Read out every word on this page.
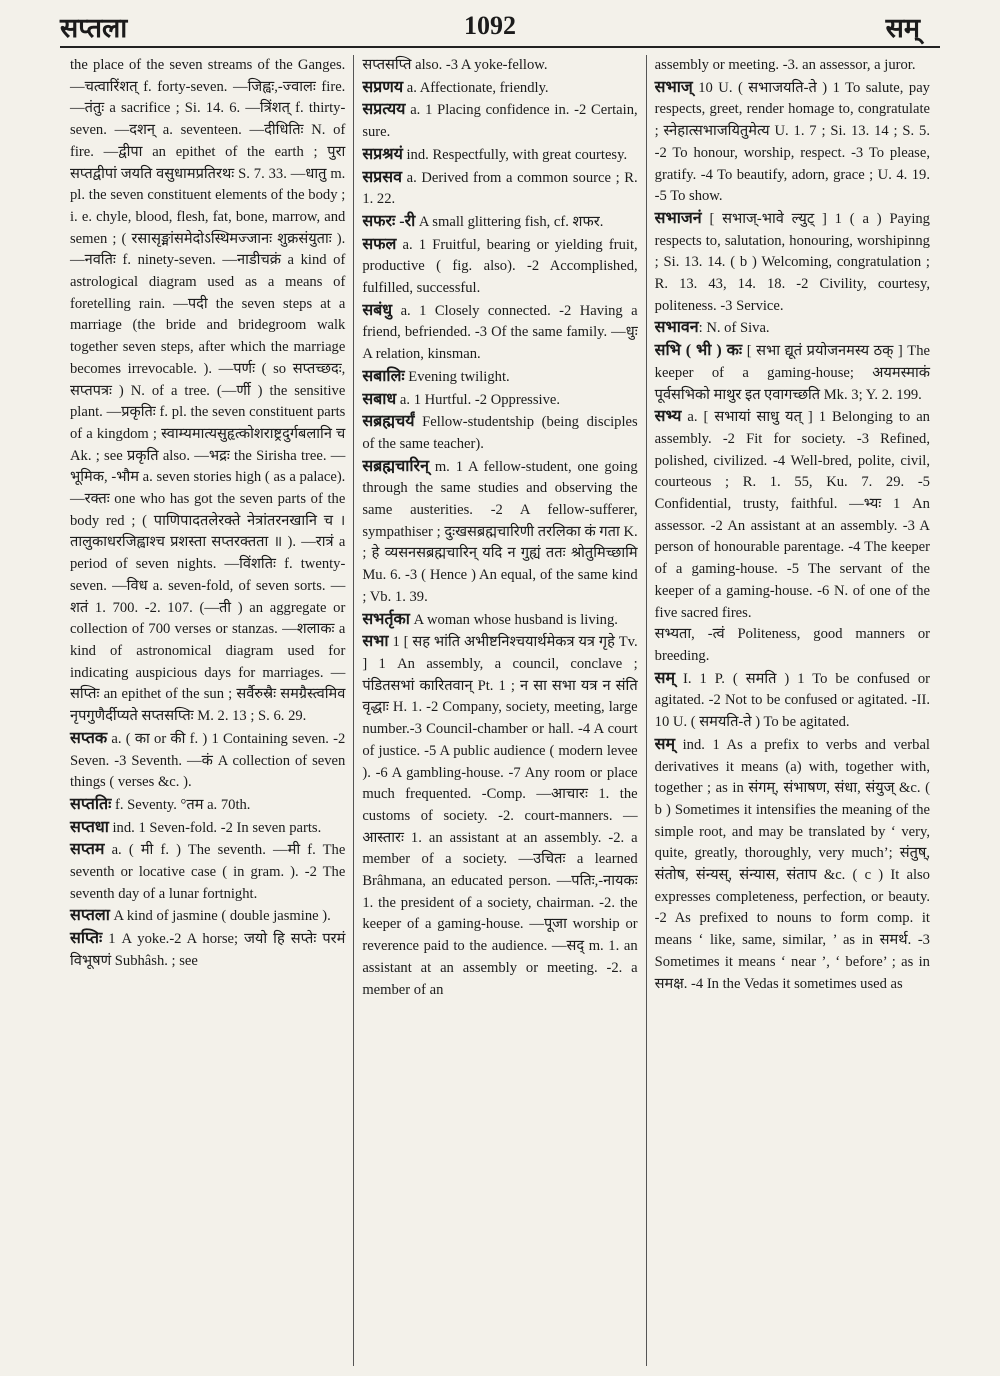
सप्तला	1092	सम्

the place of the seven streams of the Ganges. —चत्वारिंशत् f. forty-seven. —जिह्वः,-ज्वालः fire. —तंतुः a sacrifice ; Si. 14. 6. —त्रिंशत् f. thirty-seven. —दशन् a. seventeen. —दीधितिः N. of fire. —द्वीपा an epithet of the earth ; पुरा सप्तद्वीपां जयति वसुधामप्रतिरथः S. 7. 33. —धातु m. pl. the seven constituent elements of the body ; i. e. chyle, blood, flesh, fat, bone, marrow, and semen ; ( रसासृङ्मांसमेदोऽस्थिमज्जानः शुक्रसंयुताः ). —नवतिः f. ninety-seven. —नाडीचक्रं a kind of astrological diagram used as a means of foretelling rain. —पदी the seven steps at a marriage (the bride and bridegroom walk together seven steps, after which the marriage becomes irrevocable. ). —पर्णः ( so सप्तच्छदः, सप्तपत्रः ) N. of a tree. (—र्णी ) the sensitive plant. —प्रकृतिः f. pl. the seven constituent parts of a kingdom ; स्वाम्यमात्यसुहृत्कोशराष्ट्रदुर्गबलानि च Ak. ; see प्रकृति also. —भद्रः the Sirisha tree. —भूमिक, -भौम a. seven stories high ( as a palace). —रक्तः one who has got the seven parts of the body red ; ( पाणिपादतलेरक्ते नेत्रांतरनखानि च । तालुकाधरजिह्वाश्च प्रशस्ता सप्तरक्तता ॥ ). —रात्रं a period of seven nights. —विंशतिः f. twenty-seven. —विध a. seven-fold, of seven sorts. —शतं 1. 700. -2. 107. (—ती ) an aggregate or collection of 700 verses or stanzas. —शलाकः a kind of astronomical diagram used for indicating auspicious days for marriages. —सप्तिः an epithet of the sun ; सर्वैरुस्रैः समग्रैस्त्वमिव नृपगुणैर्दीप्यते सप्तसप्तिः M. 2. 13 ; S. 6. 29.

सप्तक a. ( का or की f. ) 1 Containing seven. -2 Seven. -3 Seventh. —कं A collection of seven things ( verses &c. ).

सप्ततिः f. Seventy. °तम a. 70th.

सप्तधा ind. 1 Seven-fold. -2 In seven parts.

सप्तम a. ( मी f. ) The seventh. —मी f. The seventh or locative case ( in gram. ). -2 The seventh day of a lunar fortnight.

सप्तला A kind of jasmine ( double jasmine ).

सप्तिः 1 A yoke.-2 A horse; जयो हि सप्तेः परमं विभूषणं Subhâsh. ; see

सप्तसप्ति also. -3 A yoke-fellow.

सप्रणय a. Affectionate, friendly.

सप्रत्यय a. 1 Placing confidence in. -2 Certain, sure.

सप्रश्रयं ind. Respectfully, with great courtesy.

सप्रसव a. Derived from a common source ; R. 1. 22.

सफरः -री A small glittering fish, cf. शफर.

सफल a. 1 Fruitful, bearing or yielding fruit, productive ( fig. also). -2 Accomplished, fulfilled, successful.

सबंधु a. 1 Closely connected. -2 Having a friend, befriended. -3 Of the same family. —धुः A relation, kinsman.

सबालिः Evening twilight.

सबाध a. 1 Hurtful. -2 Oppressive.

सब्रह्मचर्यं Fellow-studentship (being disciples of the same teacher).

सब्रह्मचारिन् m. 1 A fellow-student, one going through the same studies and observing the same austerities. -2 A fellow-sufferer, sympathiser ; दुःखसब्रह्मचारिणी तरलिका कं गता K. ; हे व्यसनसब्रह्मचारिन् यदि न गुह्यं ततः श्रोतुमिच्छामि Mu. 6. -3 ( Hence ) An equal, of the same kind ; Vb. 1. 39.

सभर्तृका A woman whose husband is living.

सभा 1 [ सह भांति अभीष्टनिश्चयार्थमेकत्र यत्र गृहे Tv. ] 1 An assembly, a council, conclave ; पंडितसभां कारितवान् Pt. 1 ; न सा सभा यत्र न संति वृद्धाः H. 1. -2 Company, society, meeting, large number.-3 Council-chamber or hall. -4 A court of justice. -5 A public audience ( modern levee ). -6 A gambling-house. -7 Any room or place much frequented. -Comp. —आचारः 1. the customs of society. -2. court-manners. —आस्तारः 1. an assistant at an assembly. -2. a member of a society. —उचितः a learned Brâhmana, an educated person. —पतिः,-नायकः 1. the president of a society, chairman. -2. the keeper of a gaming-house. —पूजा worship or reverence paid to the audience. —सद् m. 1. an assistant at an assembly or meeting. -2. a member of an

assembly or meeting. -3. an assessor, a juror.

सभाज् 10 U. ( सभाजयति-ते ) 1 To salute, pay respects, greet, render homage to, congratulate ; स्नेहात्सभाजयितुमेत्य U. 1. 7 ; Si. 13. 14 ; S. 5. -2 To honour, worship, respect. -3 To please, gratify. -4 To beautify, adorn, grace ; U. 4. 19. -5 To show.

सभाजनं [ सभाज्-भावे ल्युट् ] 1 ( a ) Paying respects to, salutation, honouring, worshipinng ; Si. 13. 14. ( b ) Welcoming, congratulation ; R. 13. 43, 14. 18. -2 Civility, courtesy, politeness. -3 Service.

सभावन: N. of Siva.

सभि ( भी ) कः [ सभा द्यूतं प्रयोजनमस्य ठक् ] The keeper of a gaming-house; अयमस्माकं पूर्वसभिको माथुर इत एवागच्छति Mk. 3; Y. 2. 199.

सभ्य a. [ सभायां साधु यत् ] 1 Belonging to an assembly. -2 Fit for society. -3 Refined, polished, civilized. -4 Well-bred, polite, civil, courteous ; R. 1. 55, Ku. 7. 29. -5 Confidential, trusty, faithful. —भ्यः 1 An assessor. -2 An assistant at an assembly. -3 A person of honourable parentage. -4 The keeper of a gaming-house. -5 The servant of the keeper of a gaming-house. -6 N. of one of the five sacred fires.

सभ्यता, -त्वं Politeness, good manners or breeding.

सम् I. 1 P. ( समति ) 1 To be confused or agitated. -2 Not to be confused or agitated. -II. 10 U. ( समयति-ते ) To be agitated.

सम् ind. 1 As a prefix to verbs and verbal derivatives it means (a) with, together with, together ; as in संगम्, संभाषण, संधा, संयुज् &c. ( b ) Sometimes it intensifies the meaning of the simple root, and may be translated by ‘ very, quite, greatly, thoroughly, very much’; संतुष्, संतोष, संन्यस्, संन्यास, संताप &c. ( c ) It also expresses completeness, perfection, or beauty. -2 As prefixed to nouns to form comp. it means ‘ like, same, similar, ’ as in समर्थ. -3 Sometimes it means ‘ near ’, ‘ before’ ; as in समक्ष. -4 In the Vedas it sometimes used as
